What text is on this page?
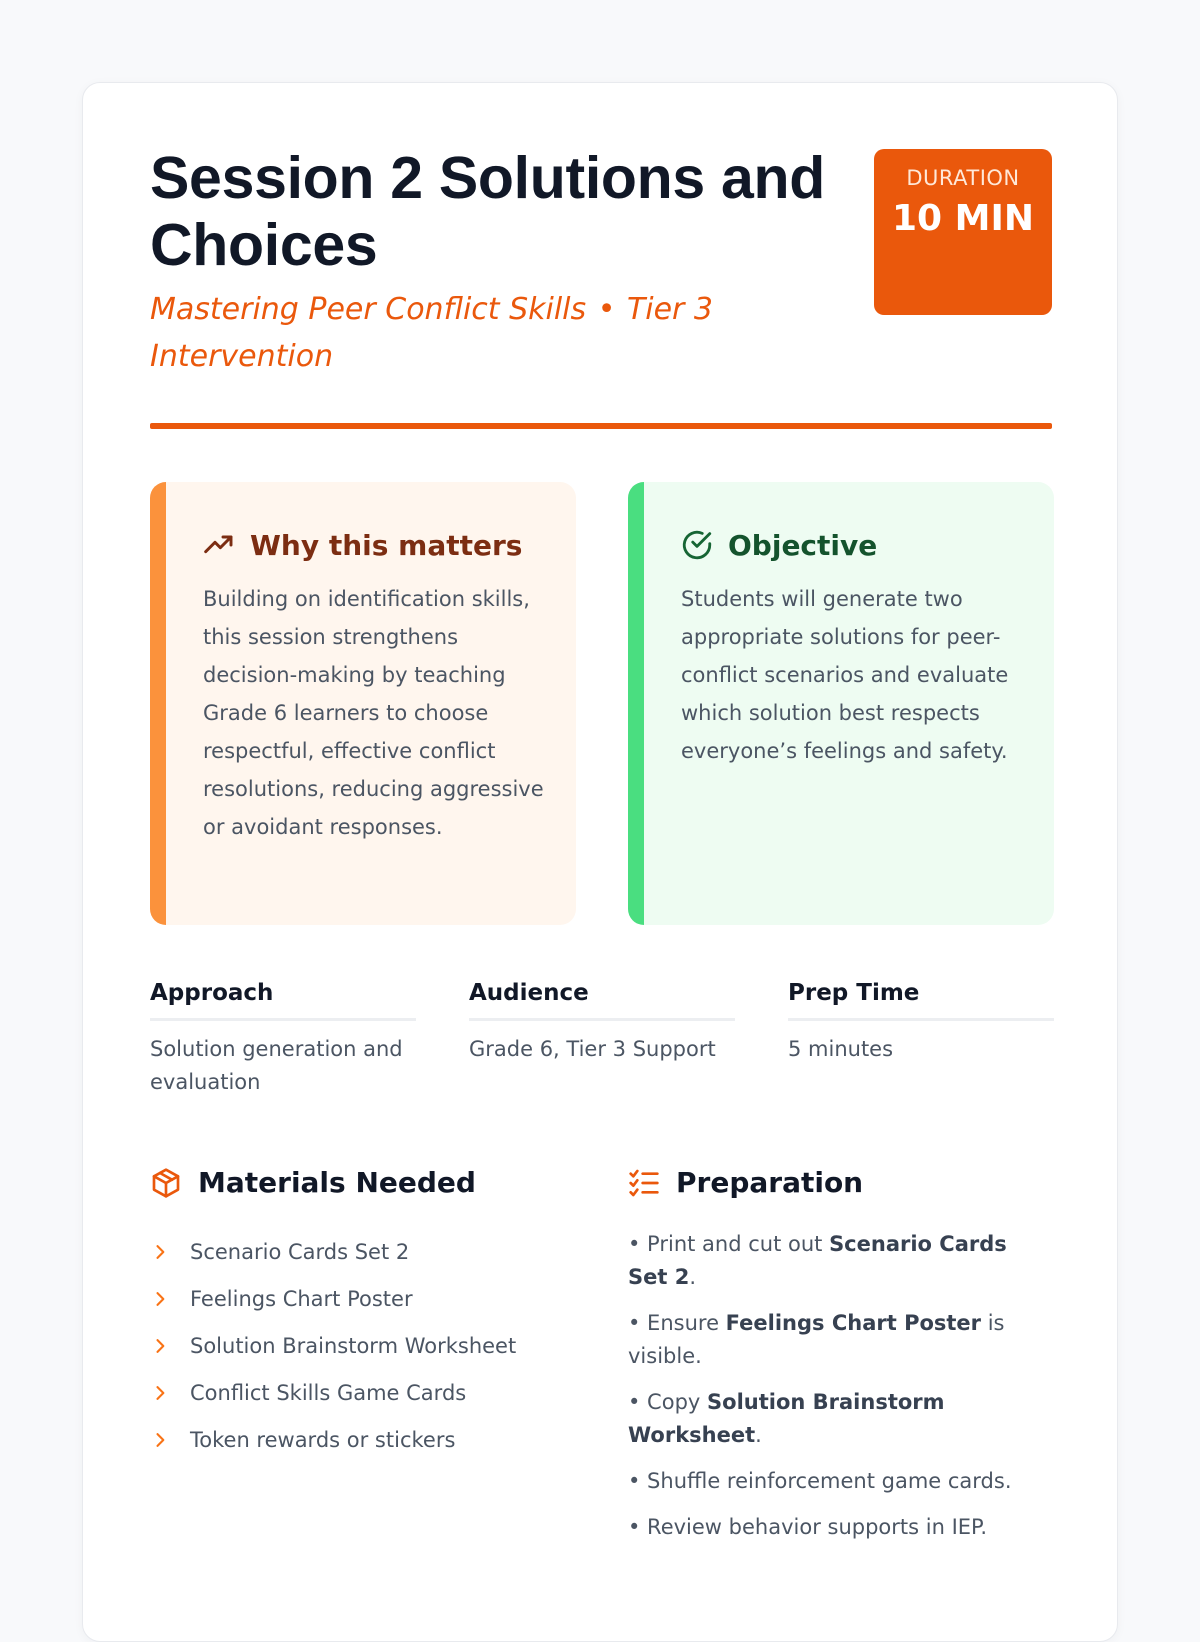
Session 2 Solutions and Choices
Mastering Peer Conflict Skills • Tier 3 Intervention
DURATION
10 MIN
Why this matters

Building on identification skills, this session strengthens decision-making by teaching Grade 6 learners to choose respectful, effective conflict resolutions, reducing aggressive or avoidant responses.

Objective

Students will generate two appropriate solutions for peer-conflict scenarios and evaluate which solution best respects everyone’s feelings and safety.

Approach
Solution generation and evaluation
Audience
Grade 6, Tier 3 Support
Prep Time
5 minutes
Materials Needed
Scenario Cards Set 2
Feelings Chart Poster
Solution Brainstorm Worksheet
Conflict Skills Game Cards
Token rewards or stickers
Preparation
• Print and cut out Scenario Cards Set 2.
• Ensure Feelings Chart Poster is visible.
• Copy Solution Brainstorm Worksheet.
• Shuffle reinforcement game cards.
• Review behavior supports in IEP.
